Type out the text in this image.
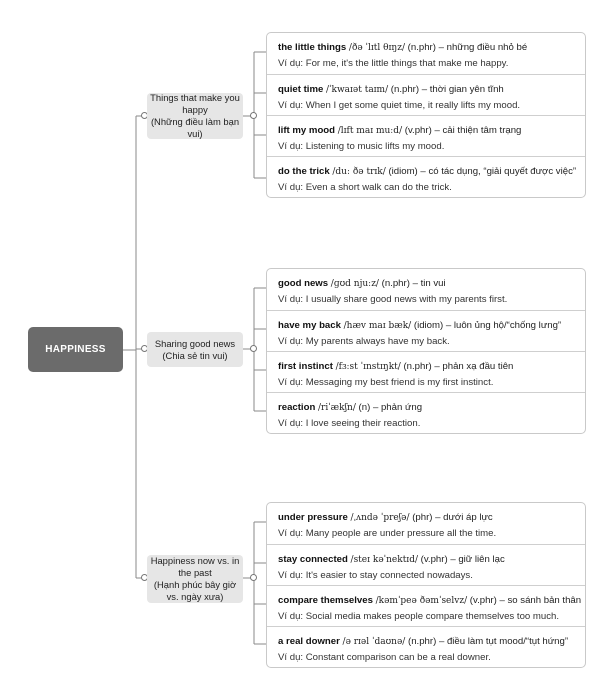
HAPPINESS
Things that make you happy
(Những điều làm bạn vui)
the little things /ðə ˈlɪtl θɪŋz/ (n.phr) – những điều nhỏ bé
Ví dụ: For me, it's the little things that make me happy.
quiet time /ˈkwaɪət taɪm/ (n.phr) – thời gian yên tĩnh
Ví dụ: When I get some quiet time, it really lifts my mood.
lift my mood /lɪft maɪ muːd/ (v.phr) – cải thiện tâm trạng
Ví dụ: Listening to music lifts my mood.
do the trick /duː ðə trɪk/ (idiom) – có tác dụng, “giải quyết được việc”
Ví dụ: Even a short walk can do the trick.
Sharing good news
(Chia sẻ tin vui)
good news /ɡʊd njuːz/ (n.phr) – tin vui
Ví dụ: I usually share good news with my parents first.
have my back /hæv maɪ bæk/ (idiom) – luôn ủng hộ/“chống lưng”
Ví dụ: My parents always have my back.
first instinct /fɜːst ˈɪnstɪŋkt/ (n.phr) – phản xạ đầu tiên
Ví dụ: Messaging my best friend is my first instinct.
reaction /riˈækʃn/ (n) – phản ứng
Ví dụ: I love seeing their reaction.
Happiness now vs. in the past
(Hạnh phúc bây giờ vs. ngày xưa)
under pressure /ˌʌndə ˈpreʃə/ (phr) – dưới áp lực
Ví dụ: Many people are under pressure all the time.
stay connected /steɪ kəˈnektɪd/ (v.phr) – giữ liên lạc
Ví dụ: It's easier to stay connected nowadays.
compare themselves /kəmˈpeə ðəmˈselvz/ (v.phr) – so sánh bản thân
Ví dụ: Social media makes people compare themselves too much.
a real downer /ə rɪəl ˈdaʊnə/ (n.phr) – điều làm tụt mood/“tụt hứng”
Ví dụ: Constant comparison can be a real downer.
